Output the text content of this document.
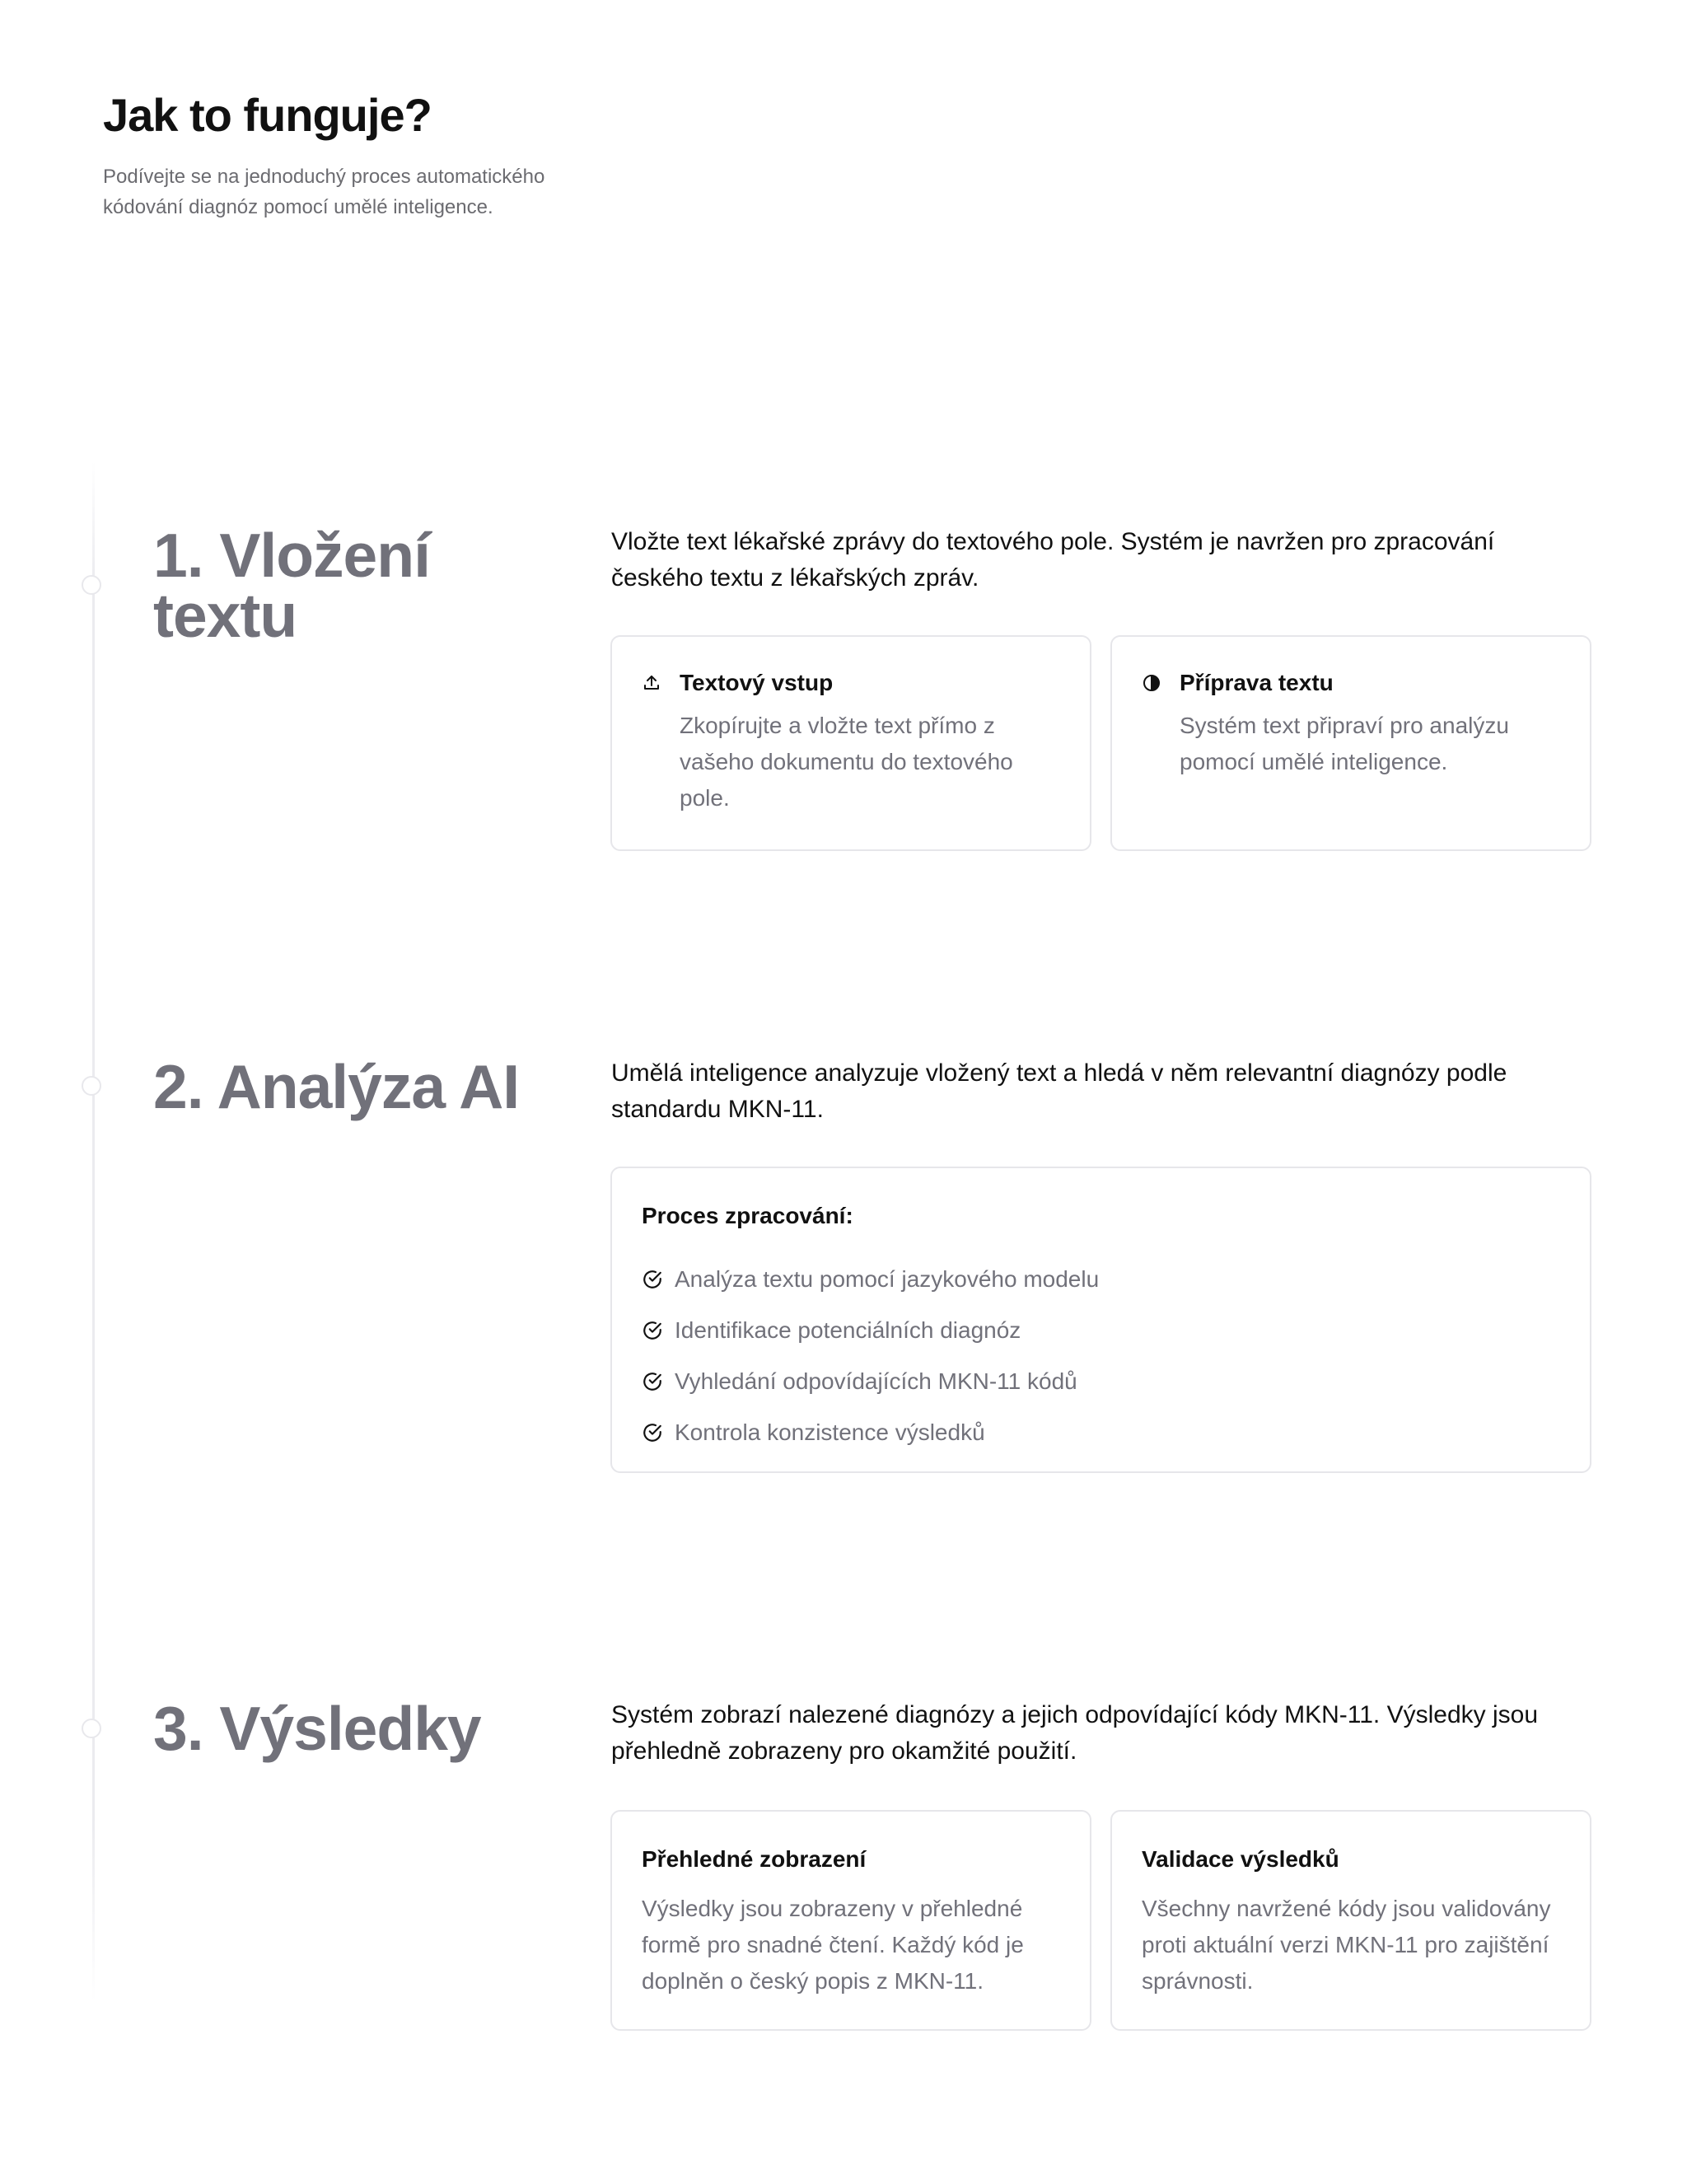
Jak to funguje?
Podívejte se na jednoduchý proces automatického kódování diagnóz pomocí umělé inteligence.
1. Vložení
textu
Vložte text lékařské zprávy do textového pole. Systém je navržen pro zpracování českého textu z lékařských zpráv.
Textový vstup
Zkopírujte a vložte text přímo z vašeho dokumentu do textového pole.
Příprava textu
Systém text připraví pro analýzu pomocí umělé inteligence.
2. Analýza AI	Umělá inteligence analyzuje vložený text a hledá v něm relevantní diagnózy podle standardu MKN-11.
Proces zpracování:
Analýza textu pomocí jazykového modelu
Identifikace potenciálních diagnóz
Vyhledání odpovídajících MKN-11 kódů
Kontrola konzistence výsledků
3. Výsledky	Systém zobrazí nalezené diagnózy a jejich odpovídající kódy MKN-11. Výsledky jsou přehledně zobrazeny pro okamžité použití.
Přehledné zobrazení
Výsledky jsou zobrazeny v přehledné formě pro snadné čtení. Každý kód je doplněn o český popis z MKN-11.
Validace výsledků
Všechny navržené kódy jsou validovány proti aktuální verzi MKN-11 pro zajištění správnosti.
